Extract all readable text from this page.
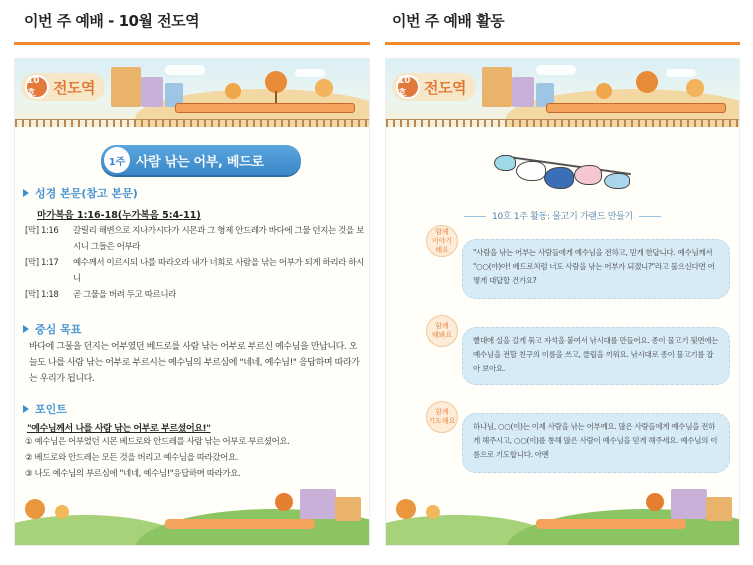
이번 주 예배 - 10월 전도역	이번 주 예배 활동
10호	전도역
1주 사람 낚는 어부, 베드로
성경 본문(참고 본문)
마가복음 1:16-18(누가복음 5:4-11)
[막] 1:16	갈릴리 해변으로 지나가시다가 시몬과 그 형제 안드레가 바다에 그물 던지는 것을 보시니 그들은 어부라
[막] 1:17	예수께서 이르시되 나를 따라오라 내가 너희로 사람을 낚는 어부가 되게 하리라 하시니
[막] 1:18	곧 그물을 버려 두고 따르니라
중심 목표
바다에 그물을 던지는 어부였던 베드로를 사람 낚는 어부로 부르신 예수님을 만납니다. 오늘도 나를 사람 낚는 어부로 부르시는 예수님의 부르심에 "네네, 예수님!" 응답하며 따라가는 우리가 됩니다.
포인트
"예수님께서 나를 사람 낚는 어부로 부르셨어요!"
① 예수님은 어부였던 시몬 베드로와 안드레를 사람 낚는 어부로 부르셨어요.
② 베드로와 안드레는 모든 것을 버리고 예수님을 따라갔어요.
③ 나도 예수님의 부르심에 "네네, 예수님!"응답하며 따라가요.
10호	전도역
10호 1주 활동: 물고기 가랜드 만들기
함께
이야기
해요	"사람을 낚는 어부는 사람들에게 예수님을 전하고, 믿게 한답니다. 예수님께서 "○○(야)아! 베드로처럼 너도 사람을 낚는 어부가 되겠니?"라고 물으신다면 어떻게 대답할 건가요?
함께
해봐요
빨대에 실을 길게 묶고 자석을 붙여서 낚시대를 만들어요. 종이 물고기 뒷면에는 예수님을 전할 친구의 이름을 쓰고, 클립을 끼워요. 낚시대로 종이 물고기를 잡아 보아요.
함께
기도해요
하나님, ○○(이)는 이제 사람을 낚는 어부예요. 많은 사람들에게 예수님을 전하게 해주시고, ○○(이)를 통해 많은 사람이 예수님을 믿게 해주세요. 예수님의 이름으로 기도합니다. 아멘
